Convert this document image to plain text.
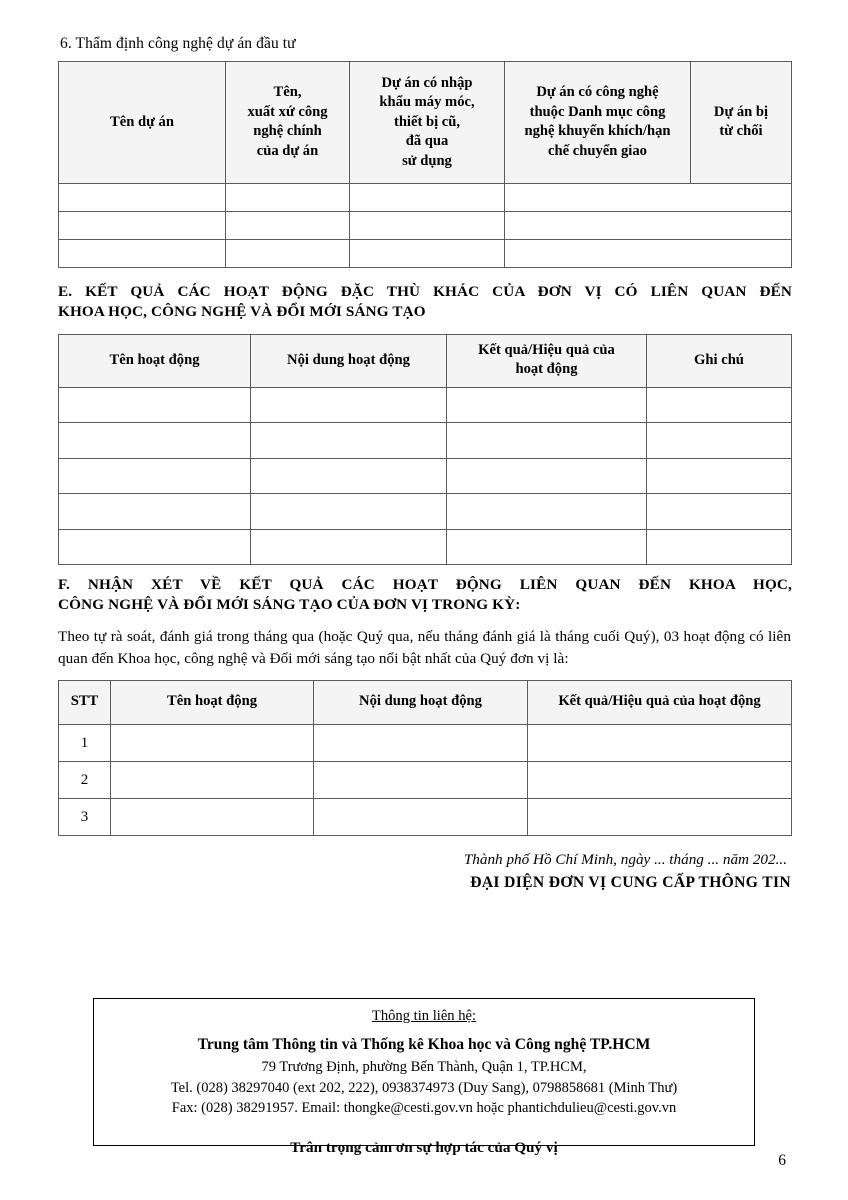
6. Thẩm định công nghệ dự án đầu tư
Tên dự án	Tên,
xuất xứ công
nghệ chính
của dự án	Dự án có nhập
khẩu máy móc,
thiết bị cũ,
đã qua
sử dụng	Dự án có công nghệ
thuộc Danh mục công
nghệ khuyến khích/hạn
chế chuyển giao	Dự án bị
từ chối

E. KẾT QUẢ CÁC HOẠT ĐỘNG ĐẶC THÙ KHÁC CỦA ĐƠN VỊ CÓ LIÊN QUAN ĐẾN
KHOA HỌC, CÔNG NGHỆ VÀ ĐỔI MỚI SÁNG TẠO
Tên hoạt động	Nội dung hoạt động	Kết quả/Hiệu quả của
hoạt động	Ghi chú

F. NHẬN XÉT VỀ KẾT QUẢ CÁC HOẠT ĐỘNG LIÊN QUAN ĐẾN KHOA HỌC,
CÔNG NGHỆ VÀ ĐỔI MỚI SÁNG TẠO CỦA ĐƠN VỊ TRONG KỲ:

Theo tự rà soát, đánh giá trong tháng qua (hoặc Quý qua, nếu tháng đánh giá là tháng cuối Quý), 03 hoạt động có liên quan đến Khoa học, công nghệ và Đổi mới sáng tạo nổi bật nhất của Quý đơn vị là:

STT	Tên hoạt động	Nội dung hoạt động	Kết quả/Hiệu quả của hoạt động
1			
2			
3			
Thành phố Hồ Chí Minh, ngày ... tháng ... năm 202...
ĐẠI DIỆN ĐƠN VỊ CUNG CẤP THÔNG TIN
Thông tin liên hệ:
Trung tâm Thông tin và Thống kê Khoa học và Công nghệ TP.HCM
79 Trương Định, phường Bến Thành, Quận 1, TP.HCM,
Tel. (028) 38297040 (ext 202, 222), 0938374973 (Duy Sang), 0798858681 (Minh Thư)
Fax: (028) 38291957. Email: thongke@cesti.gov.vn hoặc phantichdulieu@cesti.gov.vn
Trân trọng cảm ơn sự hợp tác của Quý vị
6
